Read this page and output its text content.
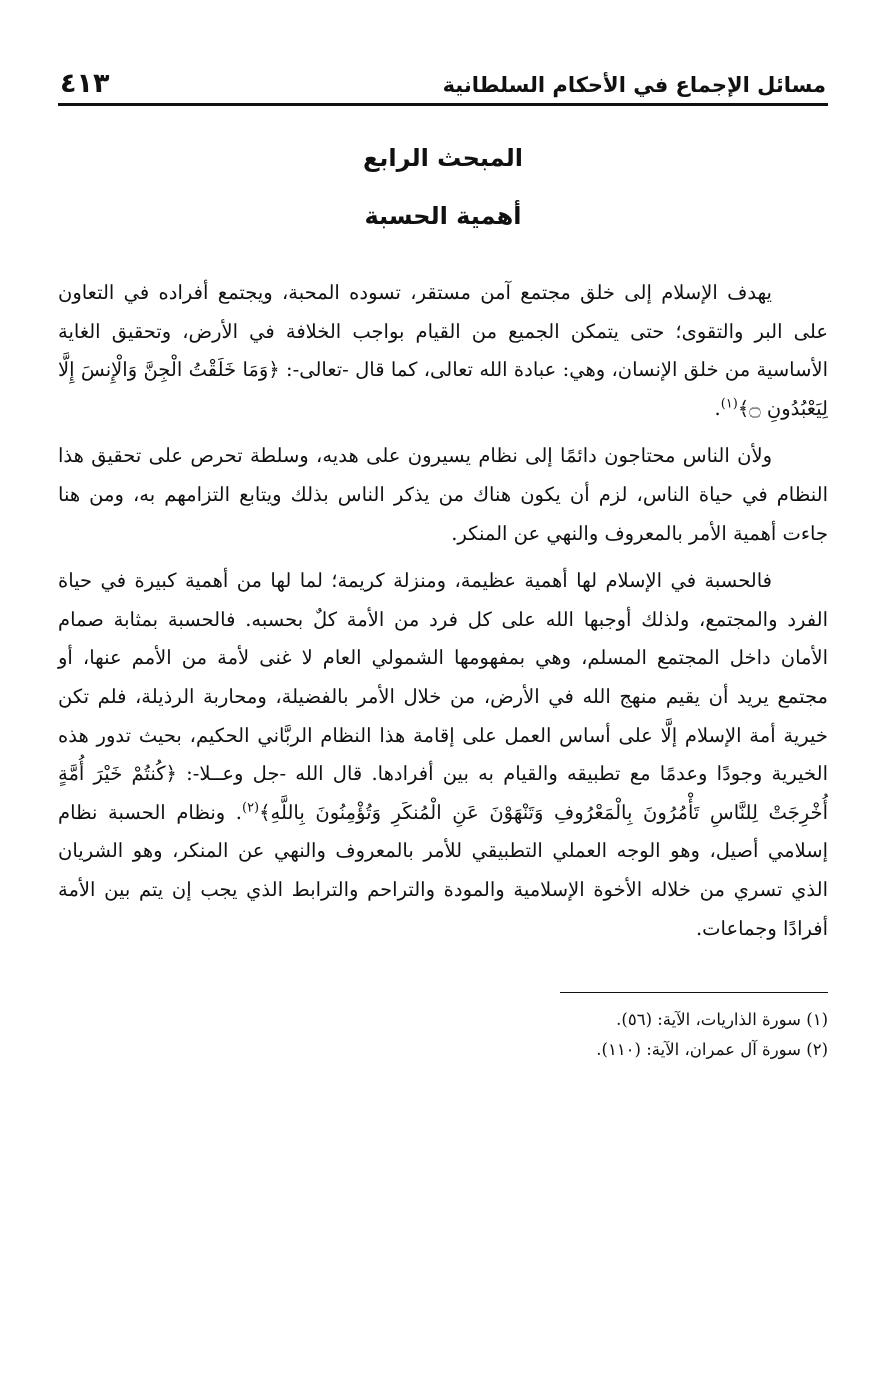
مسائل الإجماع في الأحكام السلطانية
٤١٣
المبحث الرابع
أهمية الحسبة

يهدف الإسلام إلى خلق مجتمع آمن مستقر، تسوده المحبة، ويجتمع أفراده في التعاون على البر والتقوى؛ حتى يتمكن الجميع من القيام بواجب الخلافة في الأرض، وتحقيق الغاية الأساسية من خلق الإنسان، وهي: عبادة الله تعالى، كما قال -تعالى-: ﴿وَمَا خَلَقْتُ الْجِنَّ وَالْإِنسَ إِلَّا لِيَعْبُدُونِ ۝﴾$^{(١)}$.

ولأن الناس محتاجون دائمًا إلى نظام يسيرون على هديه، وسلطة تحرص على تحقيق هذا النظام في حياة الناس، لزم أن يكون هناك من يذكر الناس بذلك ويتابع التزامهم به، ومن هنا جاءت أهمية الأمر بالمعروف والنهي عن المنكر.

فالحسبة في الإسلام لها أهمية عظيمة، ومنزلة كريمة؛ لما لها من أهمية كبيرة في حياة الفرد والمجتمع، ولذلك أوجبها الله على كل فرد من الأمة كلٌ بحسبه. فالحسبة بمثابة صمام الأمان داخل المجتمع المسلم، وهي بمفهومها الشمولي العام لا غنى لأمة من الأمم عنها، أو مجتمع يريد أن يقيم منهج الله في الأرض، من خلال الأمر بالفضيلة، ومحاربة الرذيلة، فلم تكن خيرية أمة الإسلام إلَّا على أساس العمل على إقامة هذا النظام الربَّاني الحكيم، بحيث تدور هذه الخيرية وجودًا وعدمًا مع تطبيقه والقيام به بين أفرادها. قال الله -جل وعــلا-: ﴿كُنتُمْ خَيْرَ أُمَّةٍ أُخْرِجَتْ لِلنَّاسِ تَأْمُرُونَ بِالْمَعْرُوفِ وَتَنْهَوْنَ عَنِ الْمُنكَرِ وَتُؤْمِنُونَ بِاللَّهِ﴾$^{(٢)}$. ونظام الحسبة نظام إسلامي أصيل، وهو الوجه العملي التطبيقي للأمر بالمعروف والنهي عن المنكر، وهو الشريان الذي تسري من خلاله الأخوة الإسلامية والمودة والتراحم والترابط الذي يجب إن يتم بين الأمة أفرادًا وجماعات.

(١) سورة الذاريات، الآية: (٥٦).

(٢) سورة آل عمران، الآية: (١١٠).
